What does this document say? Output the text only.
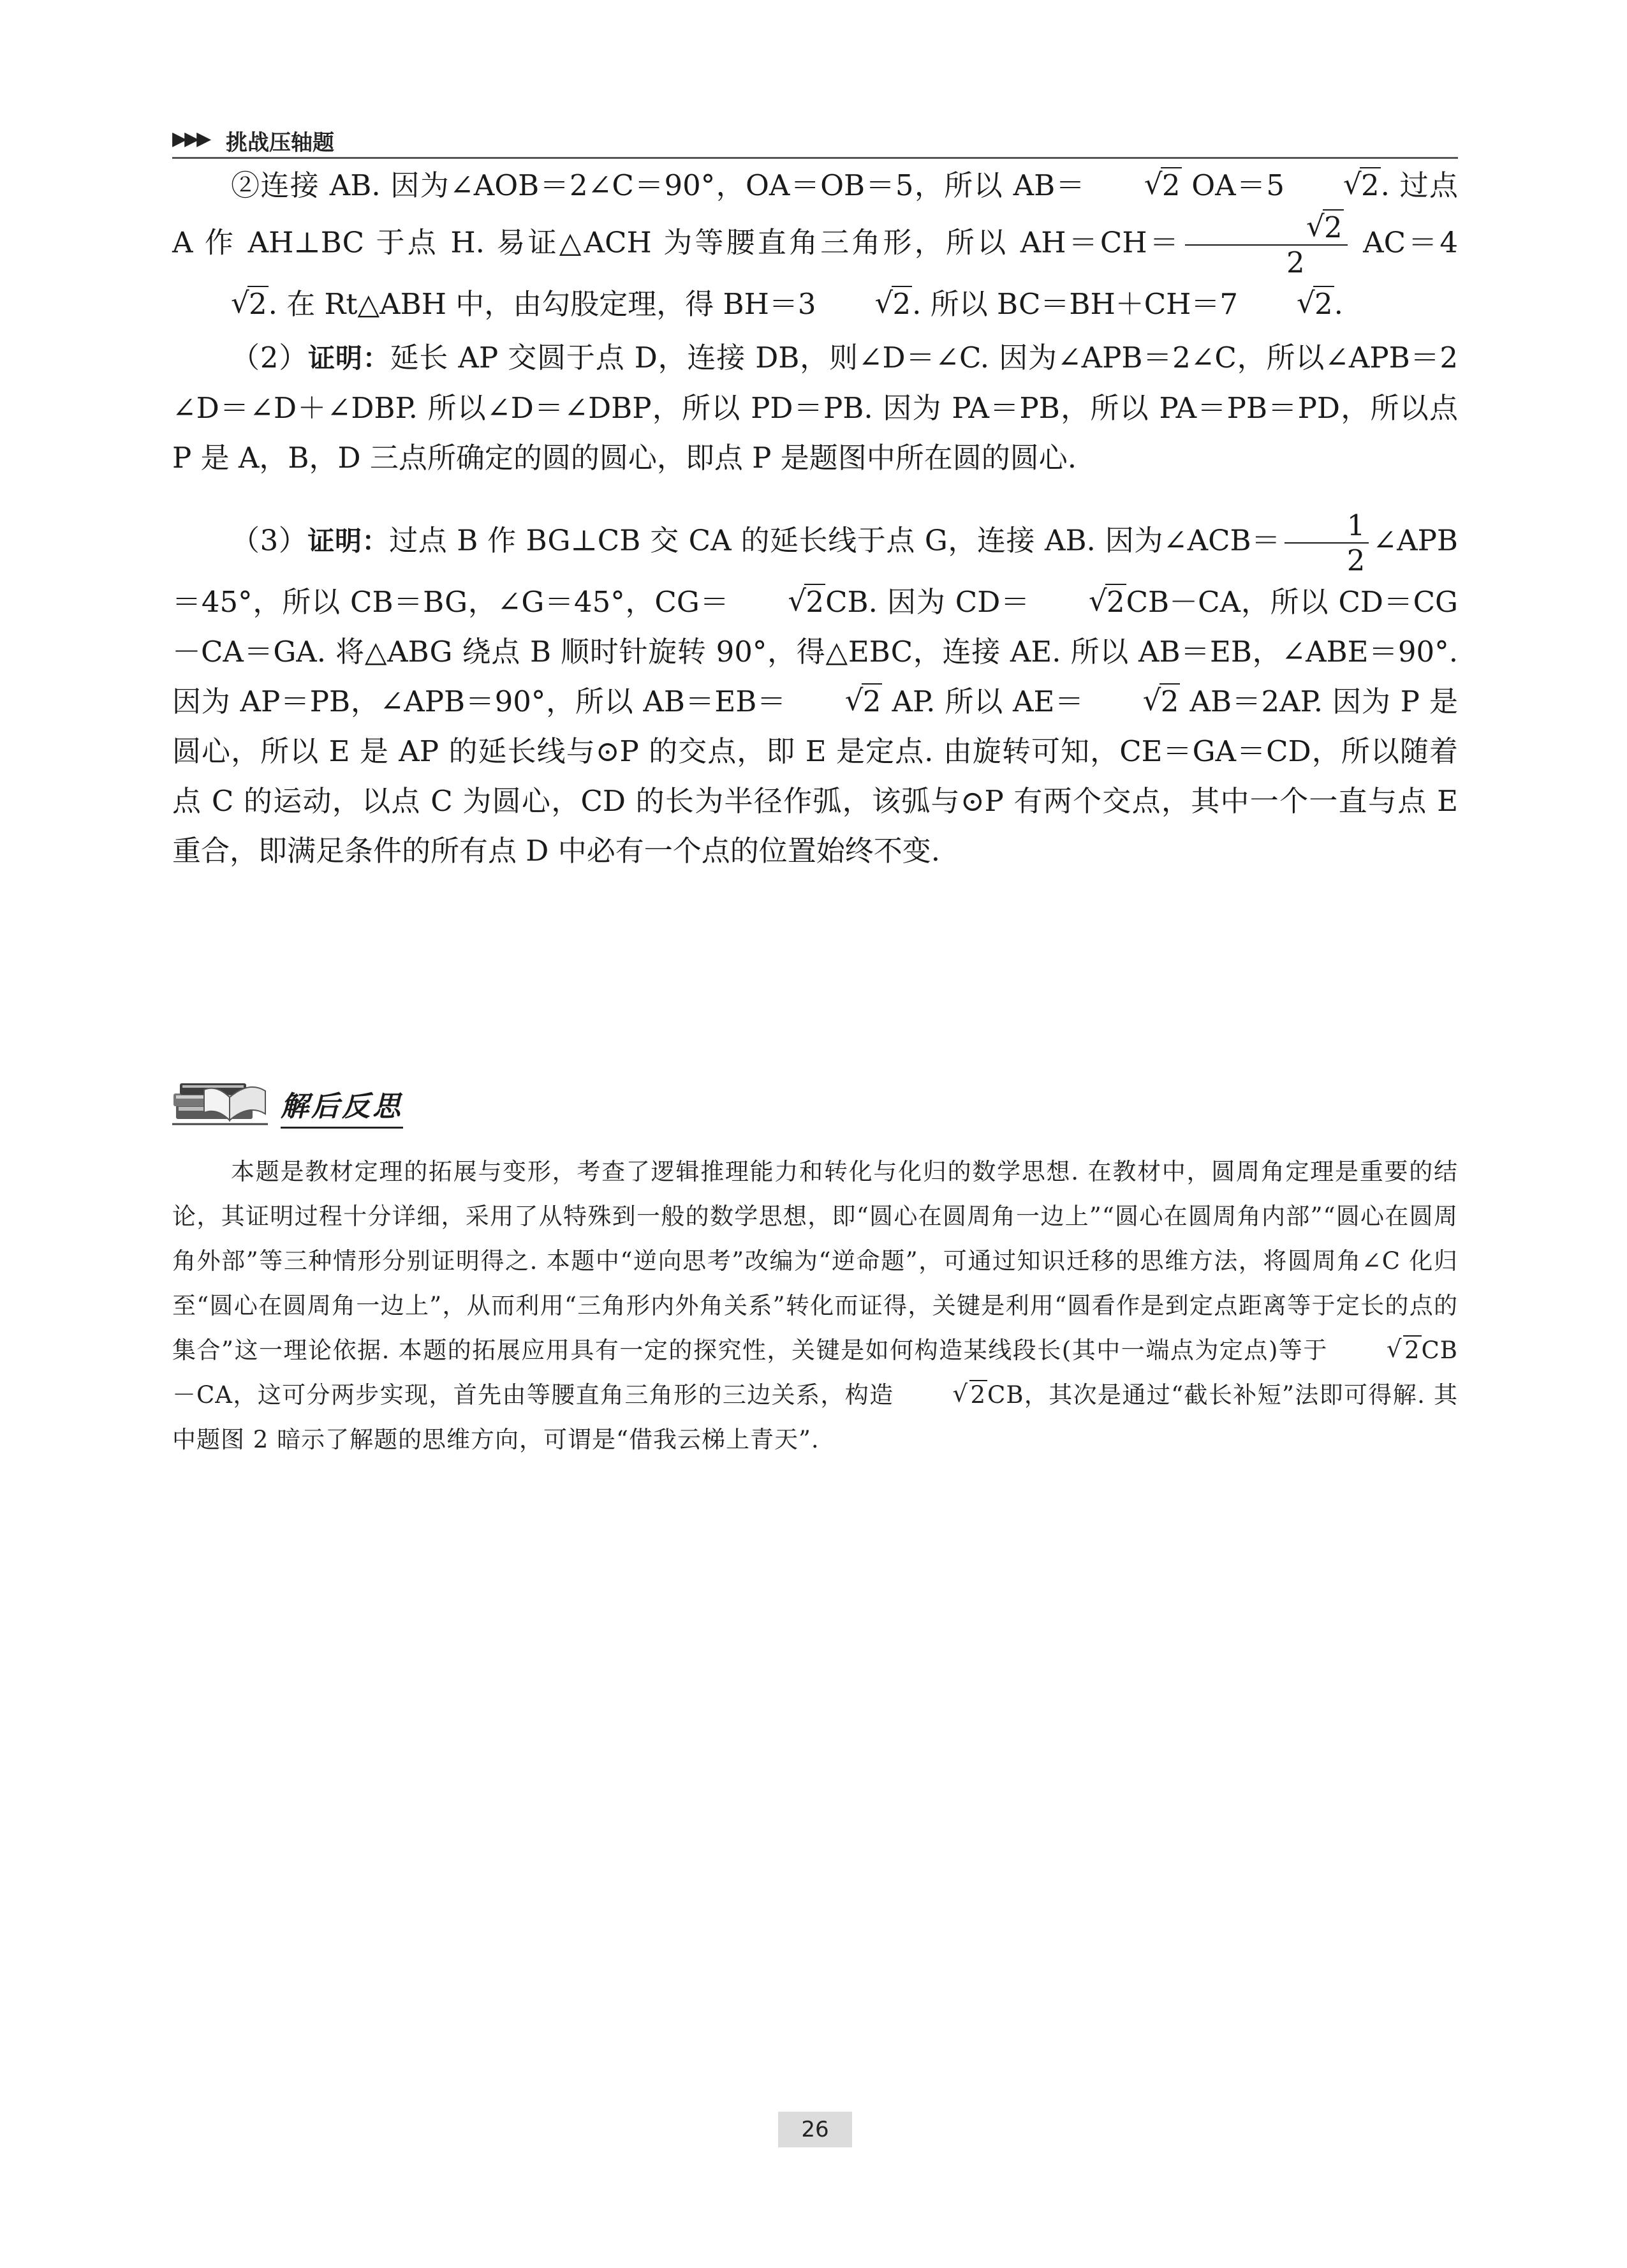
▶▶▶ 挑战压轴题

②连接 AB. 因为∠AOB＝2∠C＝90°，OA＝OB＝5，所以 AB＝	√ 2 OA＝5	√ 2. 过点 A 作 AH⊥BC 于点 H. 易证△ACH 为等腰直角三角形，所以 AH＝CH＝ √ $\frac{2}{2} AC=4√$ 2. 在 Rt△ABH 中，由勾股定理，得 BH＝3	√ 2. 所以 BC＝BH＋CH＝7	√ 2.

（2）证明：延长 AP 交圆于点 D，连接 DB，则∠D＝∠C. 因为∠APB＝2∠C，所以∠APB＝2∠D＝∠D＋∠DBP. 所以∠D＝∠DBP，所以 PD＝PB. 因为 PA＝PB，所以 PA＝PB＝PD，所以点 P 是 A，B，D 三点所确定的圆的圆心，即点 P 是题图中所在圆的圆心.

（3）证明：过点 B 作 BG⊥CB 交 CA 的延长线于点 G，连接 AB. 因为∠ACB＝ $\frac{1}{2}$ ∠APB＝45°，所以 CB＝BG，∠G＝45°，CG＝	√ 2CB. 因为 CD＝	√ 2CB－CA，所以 CD＝CG－CA＝GA. 将△ABG 绕点 B 顺时针旋转 90°，得△EBC，连接 AE. 所以 AB＝EB，∠ABE＝90°. 因为 AP＝PB，∠APB＝90°，所以 AB＝EB＝	√ 2 AP. 所以 AE＝	√ 2 AB＝2AP. 因为 P 是圆心，所以 E 是 AP 的延长线与⊙P 的交点，即 E 是定点. 由旋转可知，CE＝GA＝CD，所以随着点 C 的运动，以点 C 为圆心，CD 的长为半径作弧，该弧与⊙P 有两个交点，其中一个一直与点 E 重合，即满足条件的所有点 D 中必有一个点的位置始终不变.

解后反思

本题是教材定理的拓展与变形，考查了逻辑推理能力和转化与化归的数学思想. 在教材中，圆周角定理是重要的结论，其证明过程十分详细，采用了从特殊到一般的数学思想，即“圆心在圆周角一边上”“圆心在圆周角内部”“圆心在圆周角外部”等三种情形分别证明得之. 本题中“逆向思考”改编为“逆命题”，可通过知识迁移的思维方法，将圆周角∠C 化归至“圆心在圆周角一边上”，从而利用“三角形内外角关系”转化而证得，关键是利用“圆看作是到定点距离等于定长的点的集合”这一理论依据. 本题的拓展应用具有一定的探究性，关键是如何构造某线段长(其中一端点为定点)等于	√ 2CB－CA，这可分两步实现，首先由等腰直角三角形的三边关系，构造	√ 2CB，其次是通过“截长补短”法即可得解. 其中题图 2 暗示了解题的思维方向，可谓是“借我云梯上青天”.

26
